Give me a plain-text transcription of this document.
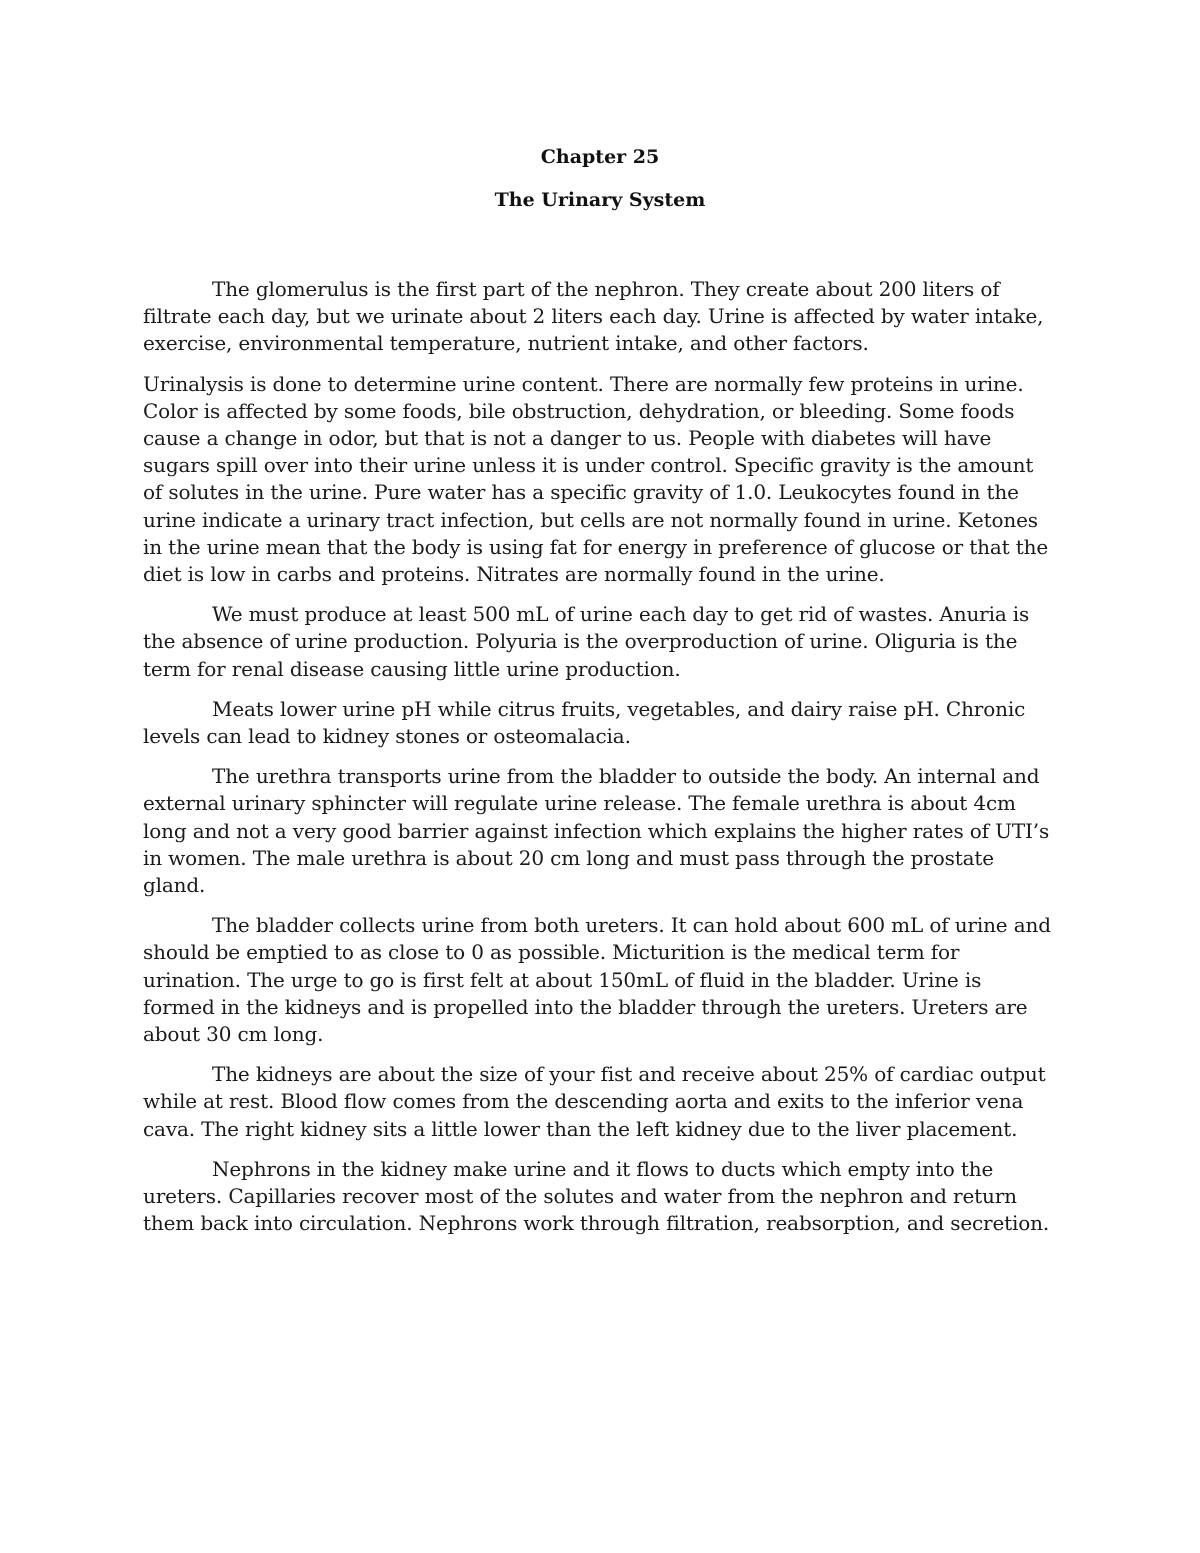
Chapter 25
The Urinary System

The glomerulus is the first part of the nephron. They create about 200 liters of filtrate each day, but we urinate about 2 liters each day. Urine is affected by water intake, exercise, environmental temperature, nutrient intake, and other factors.

Urinalysis is done to determine urine content. There are normally few proteins in urine. Color is affected by some foods, bile obstruction, dehydration, or bleeding. Some foods cause a change in odor, but that is not a danger to us. People with diabetes will have sugars spill over into their urine unless it is under control. Specific gravity is the amount of solutes in the urine. Pure water has a specific gravity of 1.0. Leukocytes found in the urine indicate a urinary tract infection, but cells are not normally found in urine. Ketones in the urine mean that the body is using fat for energy in preference of glucose or that the diet is low in carbs and proteins. Nitrates are normally found in the urine.

We must produce at least 500 mL of urine each day to get rid of wastes. Anuria is the absence of urine production. Polyuria is the overproduction of urine. Oliguria is the term for renal disease causing little urine production.

Meats lower urine pH while citrus fruits, vegetables, and dairy raise pH. Chronic levels can lead to kidney stones or osteomalacia.

The urethra transports urine from the bladder to outside the body. An internal and external urinary sphincter will regulate urine release. The female urethra is about 4cm long and not a very good barrier against infection which explains the higher rates of UTI’s in women. The male urethra is about 20 cm long and must pass through the prostate gland.

The bladder collects urine from both ureters. It can hold about 600 mL of urine and should be emptied to as close to 0 as possible. Micturition is the medical term for urination. The urge to go is first felt at about 150mL of fluid in the bladder. Urine is formed in the kidneys and is propelled into the bladder through the ureters. Ureters are about 30 cm long.

The kidneys are about the size of your fist and receive about 25% of cardiac output while at rest. Blood flow comes from the descending aorta and exits to the inferior vena cava. The right kidney sits a little lower than the left kidney due to the liver placement.

Nephrons in the kidney make urine and it flows to ducts which empty into the ureters. Capillaries recover most of the solutes and water from the nephron and return them back into circulation. Nephrons work through filtration, reabsorption, and secretion.
